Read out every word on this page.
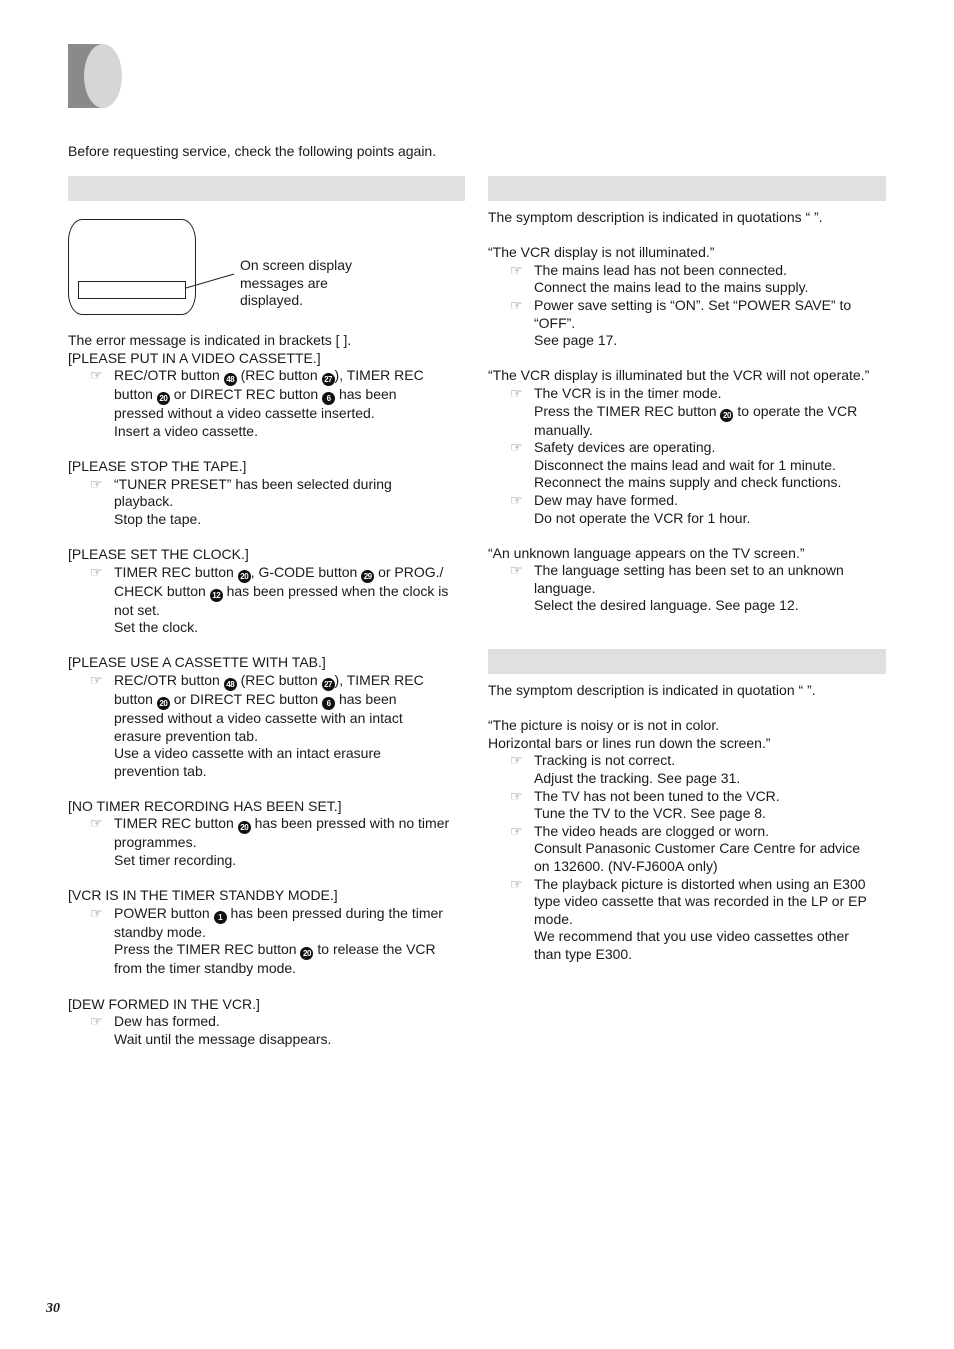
Before requesting service, check the following points again.
On screen display
messages are
displayed.
The error message is indicated in brackets [ ].
[PLEASE PUT IN A VIDEO CASSETTE.]
☞ REC/OTR button 48 (REC button 27 ), TIMER REC
button 20 or DIRECT REC button 6 has been
pressed without a video cassette inserted.
Insert a video cassette.
[PLEASE STOP THE TAPE.]
☞ “TUNER PRESET” has been selected during
playback.
Stop the tape.
[PLEASE SET THE CLOCK.]
☞ TIMER REC button 20 , G-CODE button 29 or PROG./
CHECK button 12 has been pressed when the clock is
not set.
Set the clock.
[PLEASE USE A CASSETTE WITH TAB.]
☞ REC/OTR button 48 (REC button 27 ), TIMER REC
button 20 or DIRECT REC button 6 has been
pressed without a video cassette with an intact
erasure prevention tab.
Use a video cassette with an intact erasure
prevention tab.
[NO TIMER RECORDING HAS BEEN SET.]
☞ TIMER REC button 20 has been pressed with no timer
programmes.
Set timer recording.
[VCR IS IN THE TIMER STANDBY MODE.]
☞ POWER button 1 has been pressed during the timer
standby mode.
Press the TIMER REC button 20 to release the VCR
from the timer standby mode.
[DEW FORMED IN THE VCR.]
☞ Dew has formed.
Wait until the message disappears.
The symptom description is indicated in quotations “ ”.
“The VCR display is not illuminated.”
☞ The mains lead has not been connected.
Connect the mains lead to the mains supply.
☞ Power save setting is “ON”. Set “POWER SAVE” to
“OFF”.
See page 17.
“The VCR display is illuminated but the VCR will not operate.”
☞ The VCR is in the timer mode.
Press the TIMER REC button 20 to operate the VCR
manually.
☞ Safety devices are operating.
Disconnect the mains lead and wait for 1 minute.
Reconnect the mains supply and check functions.
☞ Dew may have formed.
Do not operate the VCR for 1 hour.
“An unknown language appears on the TV screen.”
☞ The language setting has been set to an unknown
language.
Select the desired language. See page 12.
The symptom description is indicated in quotation “ ”.
“The picture is noisy or is not in color.
Horizontal bars or lines run down the screen.”
☞ Tracking is not correct.
Adjust the tracking. See page 31.
☞ The TV has not been tuned to the VCR.
Tune the TV to the VCR. See page 8.
☞ The video heads are clogged or worn.
Consult Panasonic Customer Care Centre for advice
on 132600. (NV-FJ600A only)
☞ The playback picture is distorted when using an E300
type video cassette that was recorded in the LP or EP
mode.
We recommend that you use video cassettes other
than type E300.
30
